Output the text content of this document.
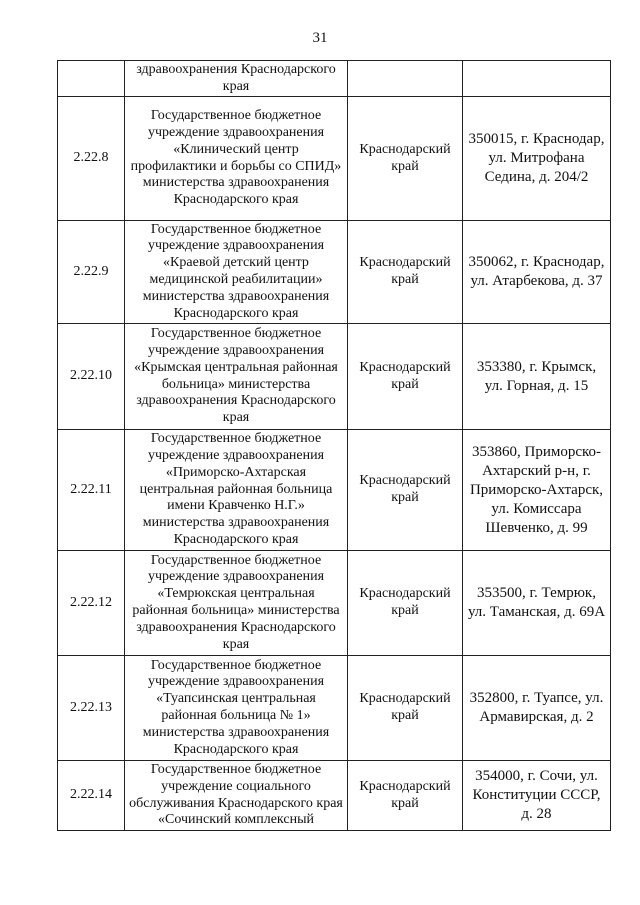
31
	здравоохранения Краснодарского края		
2.22.8	Государственное бюджетное учреждение здравоохранения «Клинический центр профилактики и борьбы со СПИД» министерства здравоохранения Краснодарского края	Краснодарский край	350015, г. Краснодар, ул. Митрофана Седина, д. 204/2
2.22.9	Государственное бюджетное учреждение здравоохранения «Краевой детский центр медицинской реабилитации» министерства здравоохранения Краснодарского края	Краснодарский край	350062, г. Краснодар, ул. Атарбекова, д. 37
2.22.10	Государственное бюджетное учреждение здравоохранения «Крымская центральная районная больница» министерства здравоохранения Краснодарского края	Краснодарский край	353380, г. Крымск, ул. Горная, д. 15
2.22.11	Государственное бюджетное учреждение здравоохранения «Приморско-Ахтарская центральная районная больница имени Кравченко Н.Г.» министерства здравоохранения Краснодарского края	Краснодарский край	353860, Приморско-Ахтарский р-н, г. Приморско-Ахтарск, ул. Комиссара Шевченко, д. 99
2.22.12	Государственное бюджетное учреждение здравоохранения «Темрюкская центральная районная больница» министерства здравоохранения Краснодарского края	Краснодарский край	353500, г. Темрюк, ул. Таманская, д. 69А
2.22.13	Государственное бюджетное учреждение здравоохранения «Туапсинская центральная районная больница № 1» министерства здравоохранения Краснодарского края	Краснодарский край	352800, г. Туапсе, ул. Армавирская, д. 2
2.22.14	Государственное бюджетное учреждение социального обслуживания Краснодарского края «Сочинский комплексный	Краснодарский край	354000, г. Сочи, ул. Конституции СССР, д. 28
